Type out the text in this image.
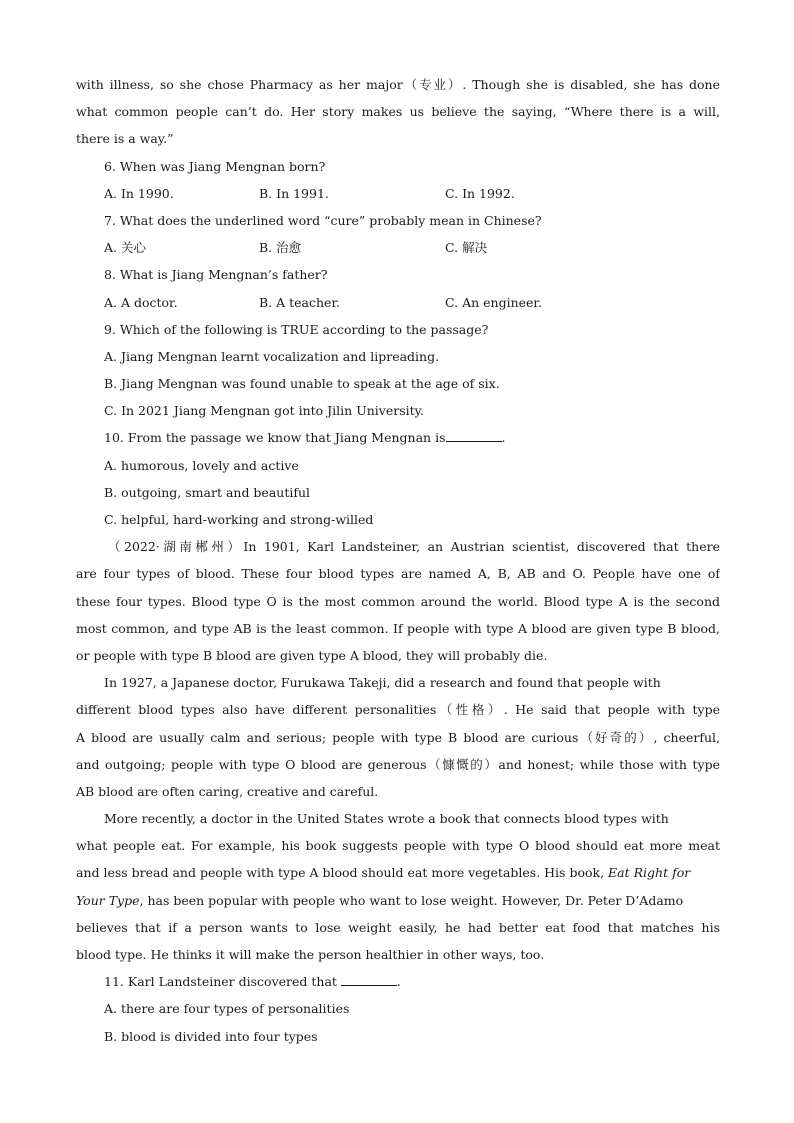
with illness, so she chose Pharmacy as her major（专业）. Though she is disabled, she has done
what common people can’t do. Her story makes us believe the saying, “Where there is a will,
there is a way.”
6. When was Jiang Mengnan born?
A. In 1990.	B. In 1991.	C. In 1992.
7. What does the underlined word “cure” probably mean in Chinese?
A. 关心	B. 治愈	C. 解决
8. What is Jiang Mengnan’s father?
A. A doctor.	B. A teacher.	C. An engineer.
9. Which of the following is TRUE according to the passage?
A. Jiang Mengnan learnt vocalization and lipreading.
B. Jiang Mengnan was found unable to speak at the age of six.
C. In 2021 Jiang Mengnan got into Jilin University.
10. From the passage we know that Jiang Mengnan is	.
A. humorous, lovely and active
B. outgoing, smart and beautiful
C. helpful, hard-working and strong-willed
（2022·湖南郴州）In 1901, Karl Landsteiner, an Austrian scientist, discovered that there
are four types of blood. These four blood types are named A, B, AB and O. People have one of
these four types. Blood type O is the most common around the world. Blood type A is the second
most common, and type AB is the least common. If people with type A blood are given type B blood,
or people with type B blood are given type A blood, they will probably die.
In 1927, a Japanese doctor, Furukawa Takeji, did a research and found that people with
different blood types also have different personalities（性格）. He said that people with type
A blood are usually calm and serious; people with type B blood are curious（好奇的）, cheerful,
and outgoing; people with type O blood are generous（慷慨的）and honest; while those with type
AB blood are often caring, creative and careful.
More recently, a doctor in the United States wrote a book that connects blood types with
what people eat. For example, his book suggests people with type O blood should eat more meat
and less bread and people with type A blood should eat more vegetables. His book, Eat Right for
Your Type, has been popular with people who want to lose weight. However, Dr. Peter D’Adamo
believes that if a person wants to lose weight easily, he had better eat food that matches his
blood type. He thinks it will make the person healthier in other ways, too.
11. Karl Landsteiner discovered that	.
A. there are four types of personalities
B. blood is divided into four types
